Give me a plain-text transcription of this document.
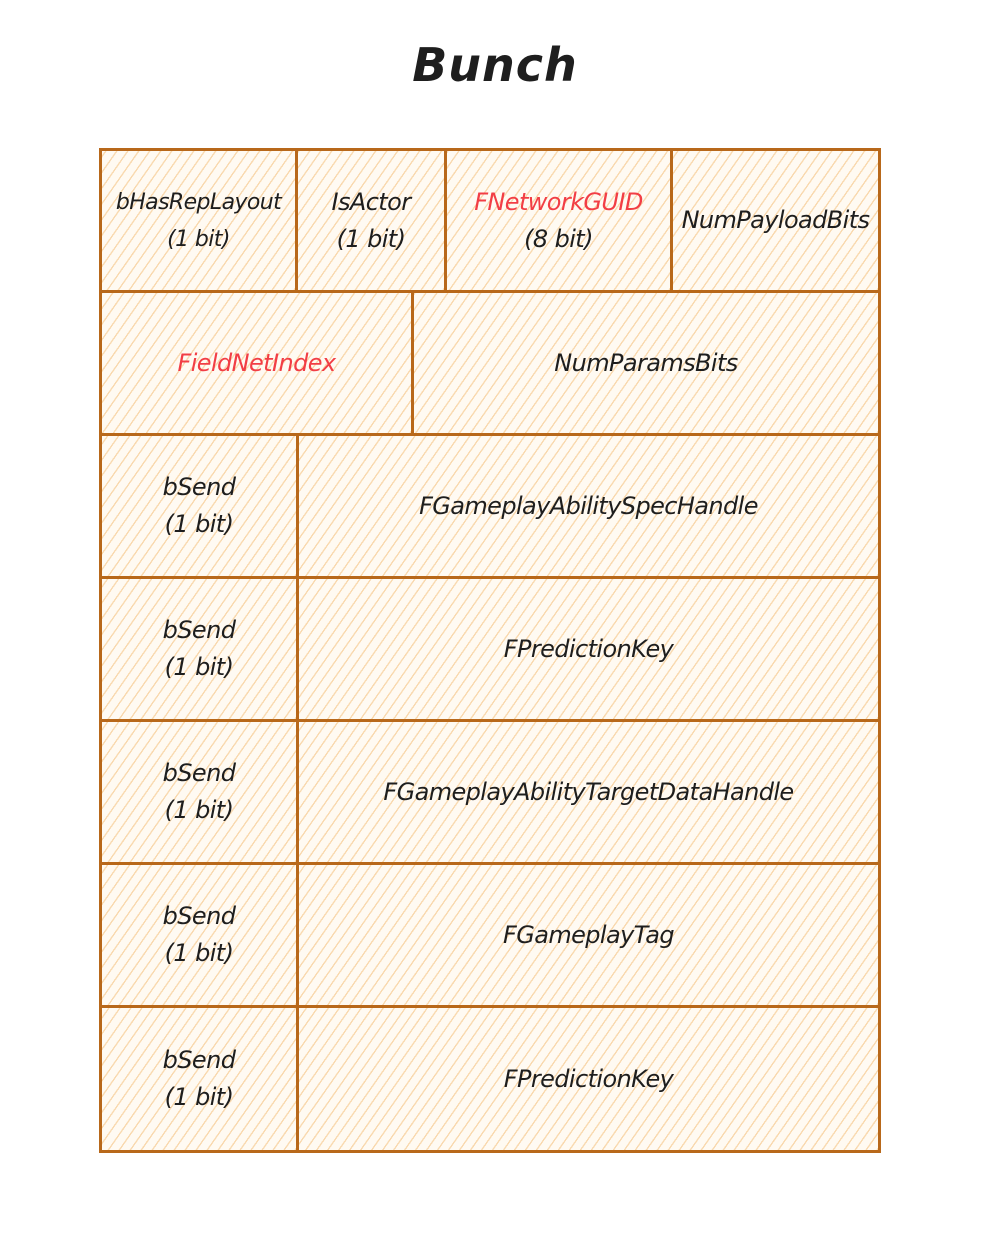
Bunch
bHasRepLayout
(1 bit)
IsActor
(1 bit)
FNetworkGUID
(8 bit)
NumPayloadBits
FieldNetIndex	NumParamsBits
bSend
(1 bit)
FGameplayAbilitySpecHandle
bSend
(1 bit)
FPredictionKey
bSend
(1 bit)
FGameplayAbilityTargetDataHandle
bSend
(1 bit)
FGameplayTag
bSend
(1 bit)
FPredictionKey
